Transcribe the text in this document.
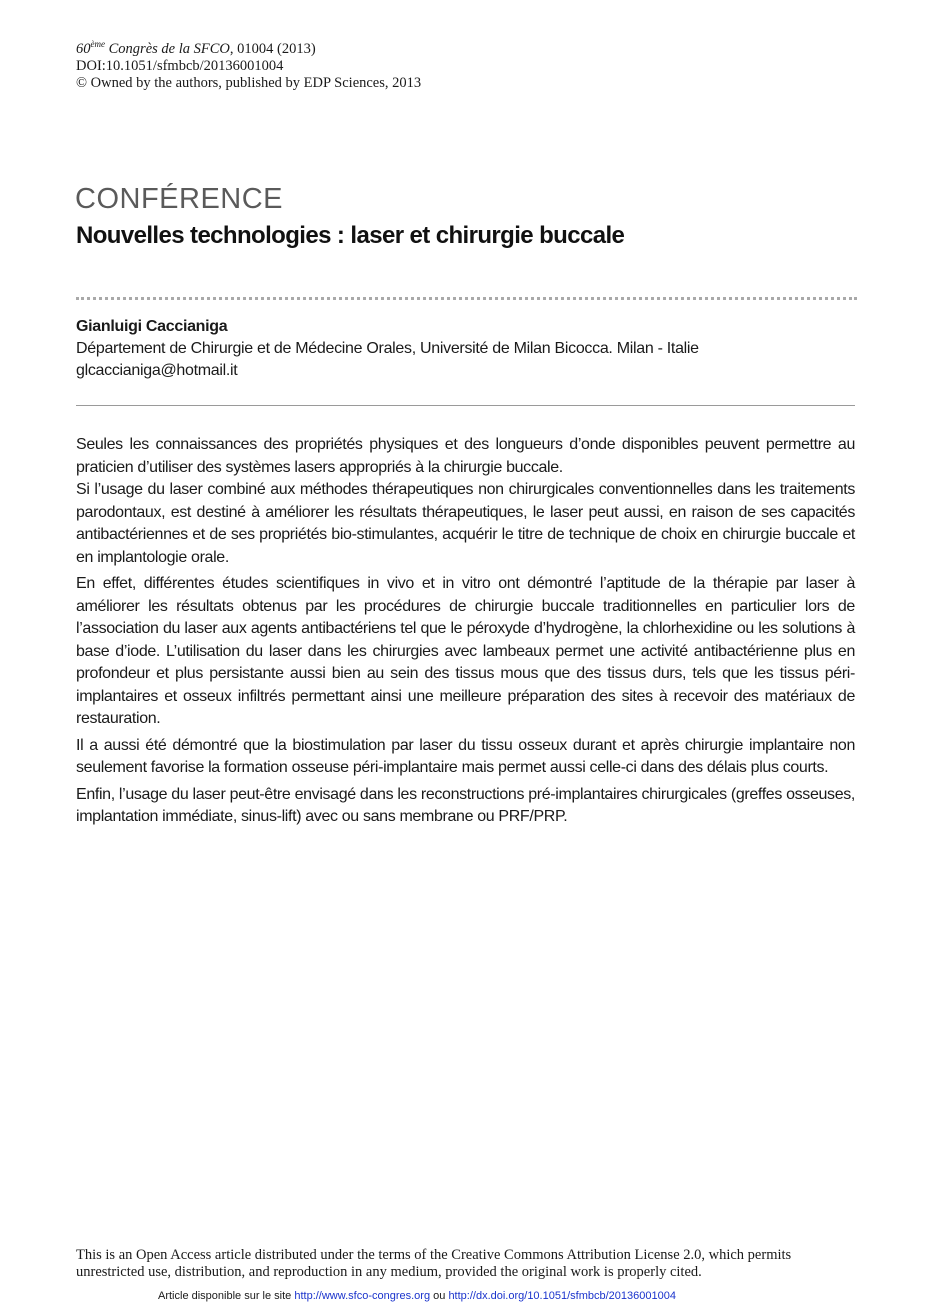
60ème Congrès de la SFCO, 01004 (2013)
DOI:10.1051/sfmbcb/20136001004
© Owned by the authors, published by EDP Sciences, 2013
CONFÉRENCE
Nouvelles technologies : laser et chirurgie buccale
Gianluigi Caccianiga
Département de Chirurgie et de Médecine Orales, Université de Milan Bicocca. Milan - Italie
glcaccianiga@hotmail.it

Seules les connaissances des propriétés physiques et des longueurs d’onde disponibles peuvent permettre au praticien d’utiliser des systèmes lasers appropriés à la chirurgie buccale.

Si l’usage du laser combiné aux méthodes thérapeutiques non chirurgicales conventionnelles dans les traitements parodontaux, est destiné à améliorer les résultats thérapeutiques, le laser peut aussi, en raison de ses capacités antibactériennes et de ses propriétés bio-stimulantes, acquérir le titre de technique de choix en chirurgie buccale et en implantologie orale.

En effet, différentes études scientifiques in vivo et in vitro ont démontré l’aptitude de la thérapie par laser à améliorer les résultats obtenus par les procédures de chirurgie buccale traditionnelles en particulier lors de l’association du laser aux agents antibactériens tel que le péroxyde d’hydrogène, la chlorhexidine ou les solutions à base d’iode. L’utilisation du laser dans les chirurgies avec lambeaux permet une activité antibactérienne plus en profondeur et plus persistante aussi bien au sein des tissus mous que des tissus durs, tels que les tissus péri-implantaires et osseux infiltrés permettant ainsi une meilleure préparation des sites à recevoir des matériaux de restauration.

Il a aussi été démontré que la biostimulation par laser du tissu osseux durant et après chirurgie implantaire non seulement favorise la formation osseuse péri-implantaire mais permet aussi celle-ci dans des délais plus courts.

Enfin, l’usage du laser peut-être envisagé dans les reconstructions pré-implantaires chirurgicales (greffes osseuses, implantation immédiate, sinus-lift) avec ou sans membrane ou PRF/PRP.

This is an Open Access article distributed under the terms of the Creative Commons Attribution License 2.0, which permits unrestricted use, distribution, and reproduction in any medium, provided the original work is properly cited.
Article disponible sur le site http://www.sfco-congres.org ou http://dx.doi.org/10.1051/sfmbcb/20136001004
